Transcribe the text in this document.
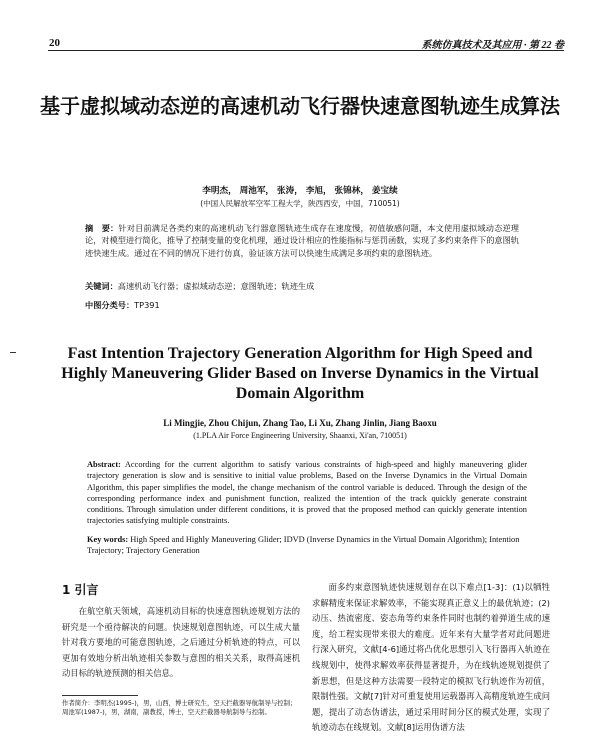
20	系统仿真技术及其应用 · 第 22 卷
基于虚拟域动态逆的高速机动飞行器快速意图轨迹生成算法
李明杰， 周池军， 张涛， 李旭， 张锦林， 姜宝续
(中国人民解放军空军工程大学，陕西西安，中国，710051)
摘　要：针对目前满足各类约束的高速机动飞行器意图轨迹生成存在速度慢，初值敏感问题，本文使用虚拟域动态逆理论，对模型进行简化，推导了控制变量的变化机理，通过设计相应的性能指标与惩罚函数，实现了多约束条件下的意图轨迹快速生成。通过在不同的情况下进行仿真，验证该方法可以快速生成满足多项约束的意图轨迹。
关键词：高速机动飞行器；虚拟域动态逆；意图轨迹；轨迹生成
中图分类号：TP391
Fast Intention Trajectory Generation Algorithm for High Speed and Highly Maneuvering Glider Based on Inverse Dynamics in the Virtual Domain Algorithm
Li Mingjie, Zhou Chijun, Zhang Tao, Li Xu, Zhang Jinlin, Jiang Baoxu
(1.PLA Air Force Engineering University, Shaanxi, Xi'an, 710051)
Abstract: According for the current algorithm to satisfy various constraints of high-speed and highly maneuvering glider trajectory generation is slow and is sensitive to initial value problems, Based on the Inverse Dynamics in the Virtual Domain Algorithm, this paper simplifies the model, the change mechanism of the control variable is deduced. Through the design of the corresponding performance index and punishment function, realized the intention of the track quickly generate constraint conditions. Through simulation under different conditions, it is proved that the proposed method can quickly generate intention trajectories satisfying multiple constraints.
Key words: High Speed and Highly Maneuvering Glider; IDVD (Inverse Dynamics in the Virtual Domain Algorithm); Intention Trajectory; Trajectory Generation
1 引言

在航空航天领域，高速机动目标的快速意图轨迹规划方法的研究是一个亟待解决的问题。快速规划意图轨迹，可以生成大量针对我方要地的可能意图轨迹，之后通过分析轨迹的特点，可以更加有效地分析出轨迹相关参数与意图的相关关系，取得高速机动目标的轨迹预测的相关信息。

面多约束意图轨迹快速规划存在以下难点[1-3]：(1)以牺牲求解精度来保证求解效率，不能实现真正意义上的最优轨迹；(2)动压、热流密度、姿态角等约束条件同时也制约着弹道生成的速度，给工程实现带来很大的难度。近年来有大量学者对此问题进行深入研究，文献[4-6]通过将凸优化思想引入飞行器再入轨迹在线规划中，使得求解效率获得显著提升，为在线轨迹规划提供了新思想，但是这种方法需要一段特定的模拟飞行轨迹作为初值，限制性强。文献[7]针对可重复使用运载器再入高精度轨迹生成问题，提出了动态伪谱法，通过采用时间分区的模式处理，实现了轨迹动态在线规划。文献[8]运用伪谱方法

作者简介：李明杰(1995-)，男，山西，博士研究生，空天拦截器导航制导与控制；周池军(1987-)，男，湖南，副教授，博士，空天拦截器导航制导与控制。
